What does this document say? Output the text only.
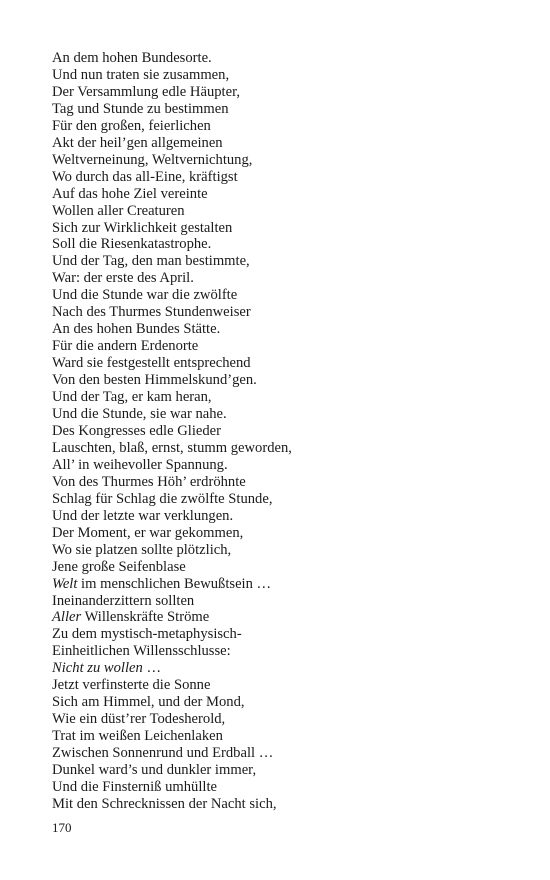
An dem hohen Bundesorte.
Und nun traten sie zusammen,
Der Versammlung edle Häupter,
Tag und Stunde zu bestimmen
Für den großen, feierlichen
Akt der heil’gen allgemeinen
Weltverneinung, Weltvernichtung,
Wo durch das all-Eine, kräftigst
Auf das hohe Ziel vereinte
Wollen aller Creaturen
Sich zur Wirklichkeit gestalten
Soll die Riesenkatastrophe.
Und der Tag, den man bestimmte,
War: der erste des April.
Und die Stunde war die zwölfte
Nach des Thurmes Stundenweiser
An des hohen Bundes Stätte.
Für die andern Erdenorte
Ward sie festgestellt entsprechend
Von den besten Himmelskund’gen.
Und der Tag, er kam heran,
Und die Stunde, sie war nahe.
Des Kongresses edle Glieder
Lauschten, blaß, ernst, stumm geworden,
All’ in weihevoller Spannung.
Von des Thurmes Höh’ erdröhnte
Schlag für Schlag die zwölfte Stunde,
Und der letzte war verklungen.
Der Moment, er war gekommen,
Wo sie platzen sollte plötzlich,
Jene große Seifenblase
Welt im menschlichen Bewußtsein …
Ineinanderzittern sollten
Aller Willenskräfte Ströme
Zu dem mystisch-metaphysisch-
Einheitlichen Willensschlusse:
Nicht zu wollen …
Jetzt verfinsterte die Sonne
Sich am Himmel, und der Mond,
Wie ein düst’rer Todesherold,
Trat im weißen Leichenlaken
Zwischen Sonnenrund und Erdball …
Dunkel ward’s und dunkler immer,
Und die Finsterniß umhüllte
Mit den Schrecknissen der Nacht sich,
170
